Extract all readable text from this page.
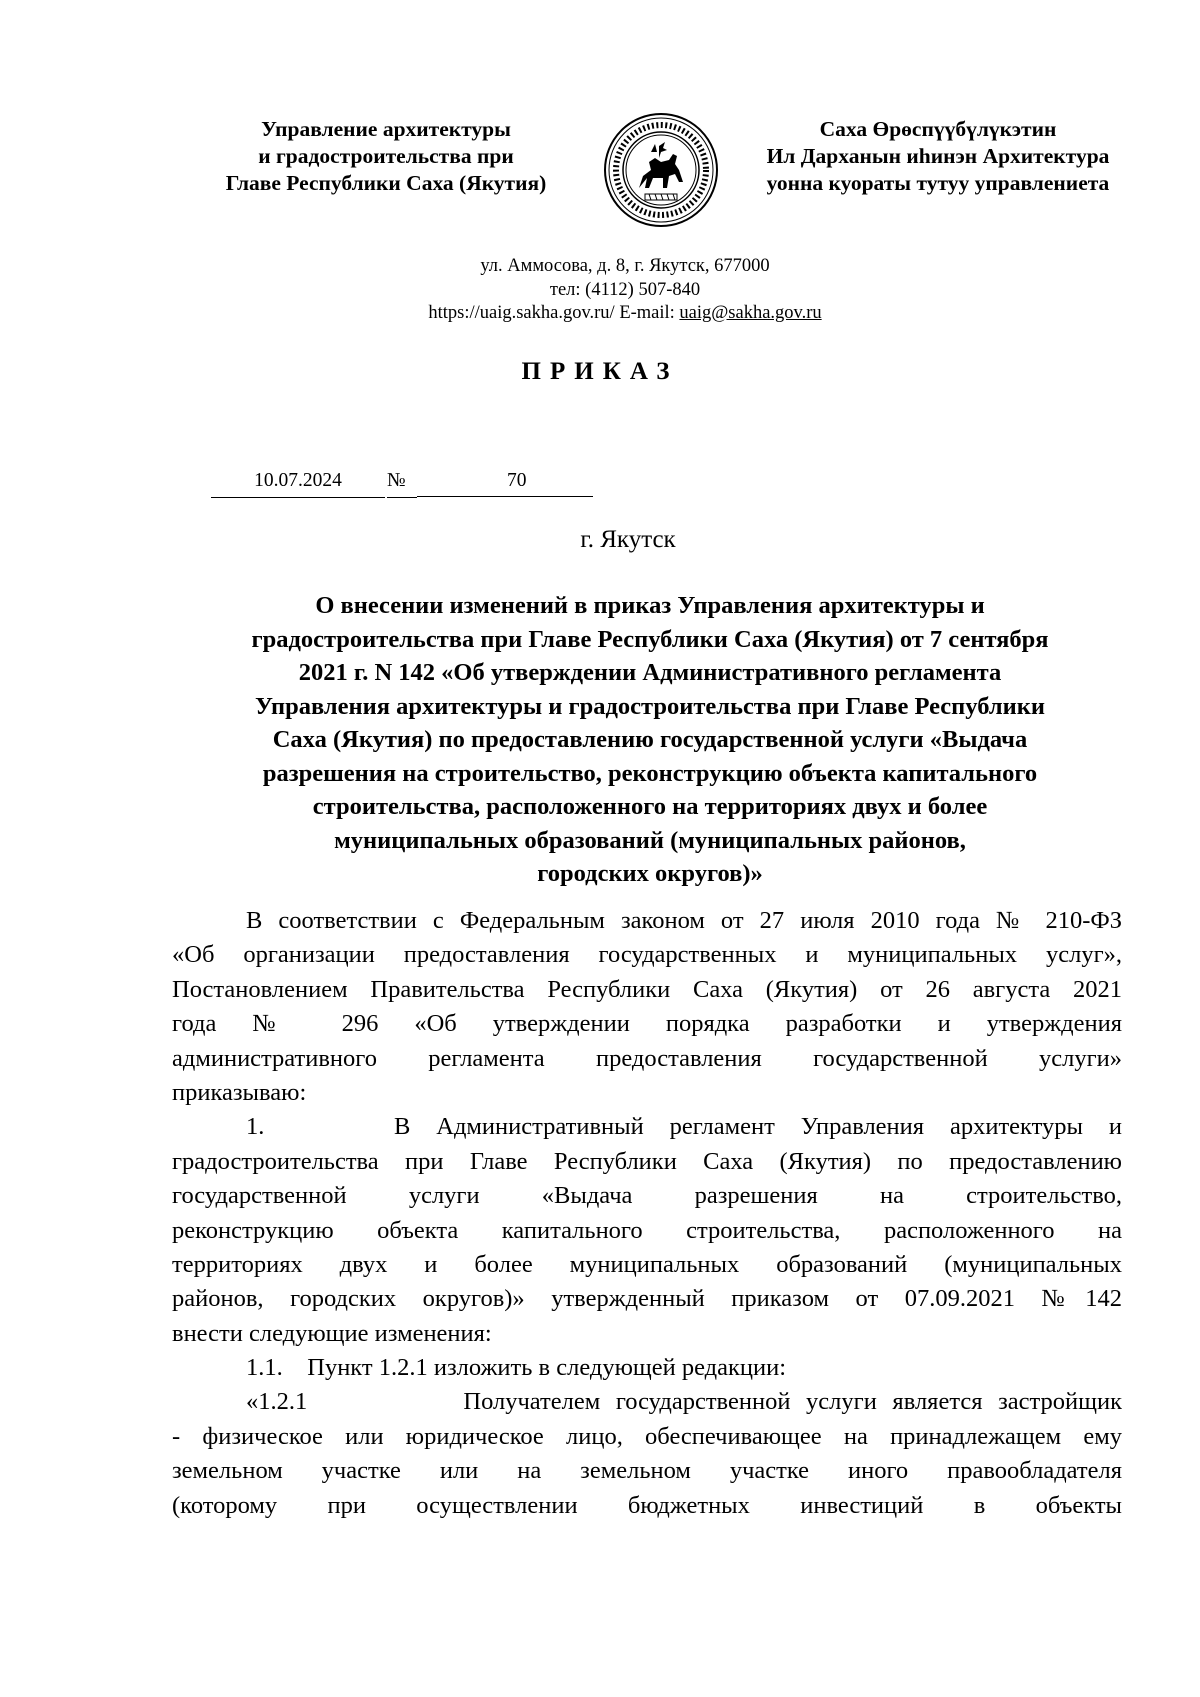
Управление архитектуры
и градостроительства при
Главе Республики Саха (Якутия)
Саха Өрөспүүбүлүкэтин
Ил Дарханын иһинэн Архитектура
уонна куораты тутуу управлениета
ул. Аммосова, д. 8, г. Якутск, 677000
тел: (4112) 507-840
https://uaig.sakha.gov.ru/ E-mail: uaig@sakha.gov.ru
ПРИКАЗ
10.07.2024	№	70
г. Якутск
О внесении изменений в приказ Управления архитектуры и
градостроительства при Главе Республики Саха (Якутия) от 7 сентября
2021 г. N 142 «Об утверждении Административного регламента
Управления архитектуры и градостроительства при Главе Республики
Саха (Якутия) по предоставлению государственной услуги «Выдача
разрешения на строительство, реконструкцию объекта капитального
строительства, расположенного на территориях двух и более
муниципальных образований (муниципальных районов,
городских округов)»
В соответствии с Федеральным законом от 27 июля 2010 года № 210-ФЗ
«Об организации предоставления государственных и муниципальных услуг»,
Постановлением Правительства Республики Саха (Якутия) от 26 августа 2021
года № 296 «Об утверждении порядка разработки и утверждения
административного регламента предоставления государственной услуги»
приказываю:
1.     В Административный регламент Управления архитектуры и
градостроительства при Главе Республики Саха (Якутия) по предоставлению
государственной услуги «Выдача разрешения на строительство,
реконструкцию объекта капитального строительства, расположенного на
территориях двух и более муниципальных образований (муниципальных
районов, городских округов)» утвержденный приказом от 07.09.2021 №142
внести следующие изменения:
1.1.    Пункт 1.2.1 изложить в следующей редакции:
«1.2.1          Получателем государственной услуги является застройщик
- физическое или юридическое лицо, обеспечивающее на принадлежащем ему
земельном участке или на земельном участке иного правообладателя
(которому при осуществлении бюджетных инвестиций в объекты
